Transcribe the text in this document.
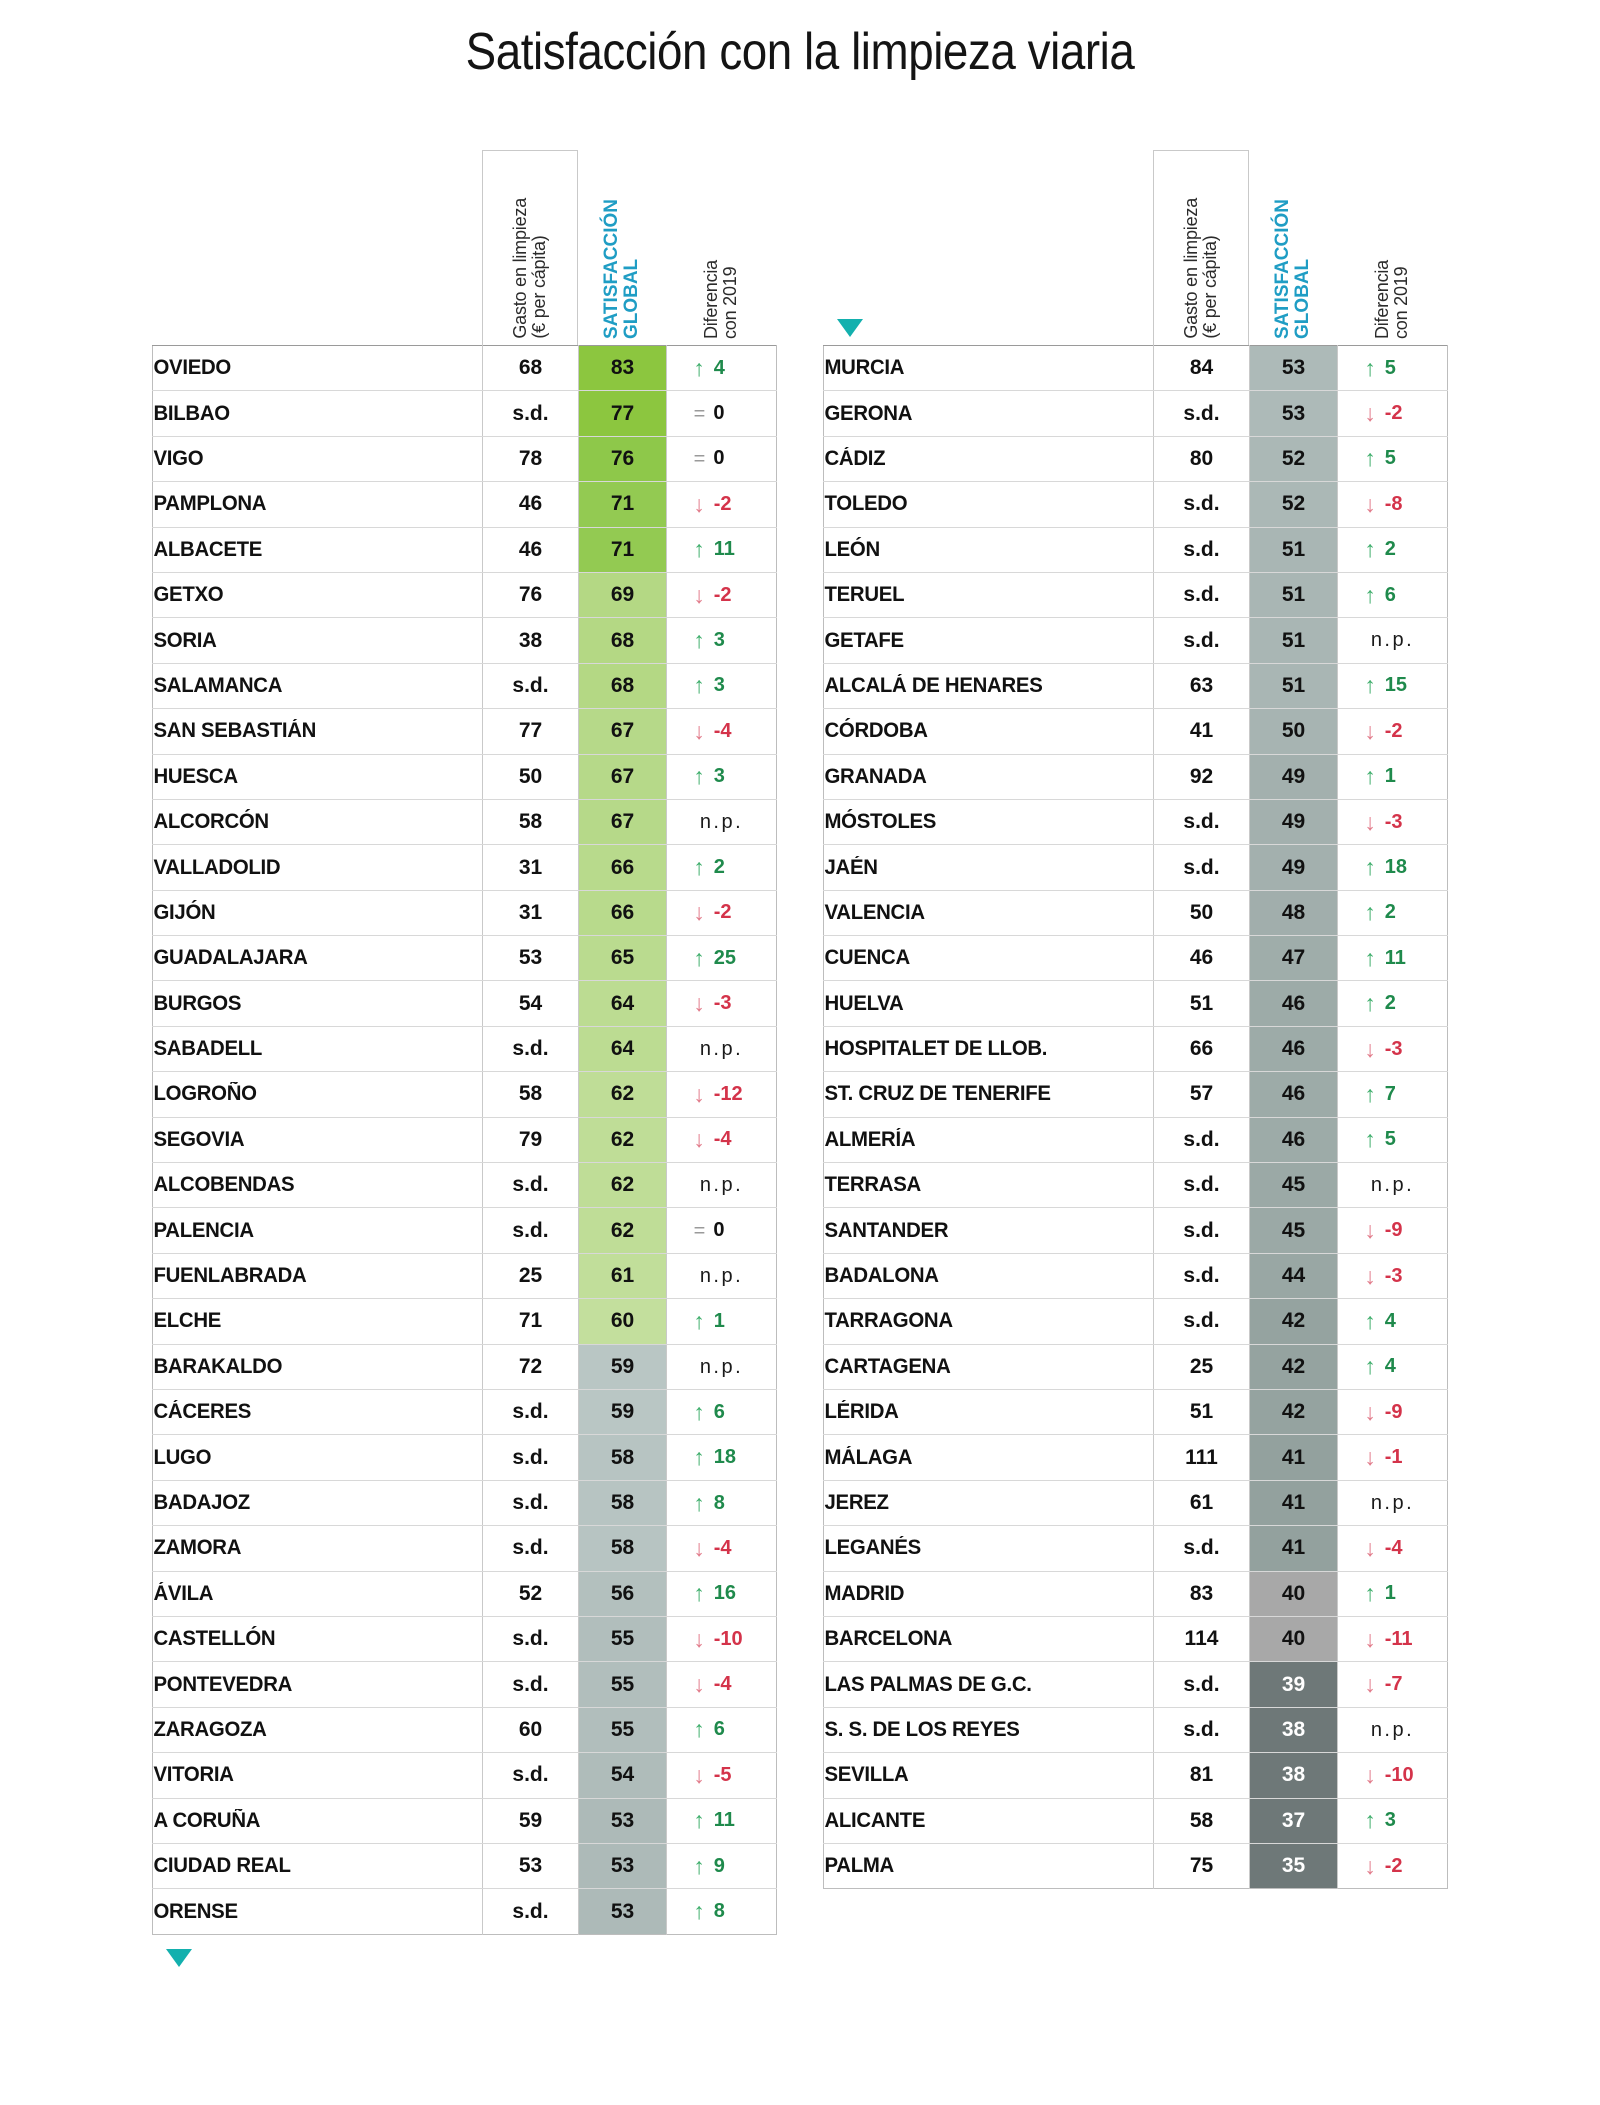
Satisfacción con la limpieza viaria
Gasto en limpieza
(€ per cápita)	SATISFACCIÓN
GLOBAL	Diferencia
con 2019
OVIEDO	68	83	↑ 4

BILBAO	s.d.	77	= 0

VIGO	78	76	= 0

PAMPLONA	46	71	↓ -2

ALBACETE	46	71	↑ 11

GETXO	76	69	↓ -2

SORIA	38	68	↑ 3

SALAMANCA	s.d.	68	↑ 3

SAN SEBASTIÁN	77	67	↓ -4

HUESCA	50	67	↑ 3

ALCORCÓN	58	67	n.p.

VALLADOLID	31	66	↑ 2

GIJÓN	31	66	↓ -2

GUADALAJARA	53	65	↑ 25

BURGOS	54	64	↓ -3

SABADELL	s.d.	64	n.p.

LOGROÑO	58	62	↓ -12

SEGOVIA	79	62	↓ -4

ALCOBENDAS	s.d.	62	n.p.

PALENCIA	s.d.	62	= 0

FUENLABRADA	25	61	n.p.

ELCHE	71	60	↑ 1

BARAKALDO	72	59	n.p.

CÁCERES	s.d.	59	↑ 6

LUGO	s.d.	58	↑ 18

BADAJOZ	s.d.	58	↑ 8

ZAMORA	s.d.	58	↓ -4

ÁVILA	52	56	↑ 16

CASTELLÓN	s.d.	55	↓ -10

PONTEVEDRA	s.d.	55	↓ -4

ZARAGOZA	60	55	↑ 6

VITORIA	s.d.	54	↓ -5

A CORUÑA	59	53	↑ 11

CIUDAD REAL	53	53	↑ 9

ORENSE	s.d.	53	↑ 8
Gasto en limpieza
(€ per cápita)	SATISFACCIÓN
GLOBAL	Diferencia
con 2019
MURCIA	84	53	↑ 5

GERONA	s.d.	53	↓ -2

CÁDIZ	80	52	↑ 5

TOLEDO	s.d.	52	↓ -8

LEÓN	s.d.	51	↑ 2

TERUEL	s.d.	51	↑ 6

GETAFE	s.d.	51	n.p.

ALCALÁ DE HENARES	63	51	↑ 15

CÓRDOBA	41	50	↓ -2

GRANADA	92	49	↑ 1

MÓSTOLES	s.d.	49	↓ -3

JAÉN	s.d.	49	↑ 18

VALENCIA	50	48	↑ 2

CUENCA	46	47	↑ 11

HUELVA	51	46	↑ 2

HOSPITALET DE LLOB.	66	46	↓ -3

ST. CRUZ DE TENERIFE	57	46	↑ 7

ALMERÍA	s.d.	46	↑ 5

TERRASA	s.d.	45	n.p.

SANTANDER	s.d.	45	↓ -9

BADALONA	s.d.	44	↓ -3

TARRAGONA	s.d.	42	↑ 4

CARTAGENA	25	42	↑ 4

LÉRIDA	51	42	↓ -9

MÁLAGA	111	41	↓ -1

JEREZ	61	41	n.p.

LEGANÉS	s.d.	41	↓ -4

MADRID	83	40	↑ 1

BARCELONA	114	40	↓ -11

LAS PALMAS DE G.C.	s.d.	39	↓ -7

S. S. DE LOS REYES	s.d.	38	n.p.

SEVILLA	81	38	↓ -10

ALICANTE	58	37	↑ 3

PALMA	75	35	↓ -2
